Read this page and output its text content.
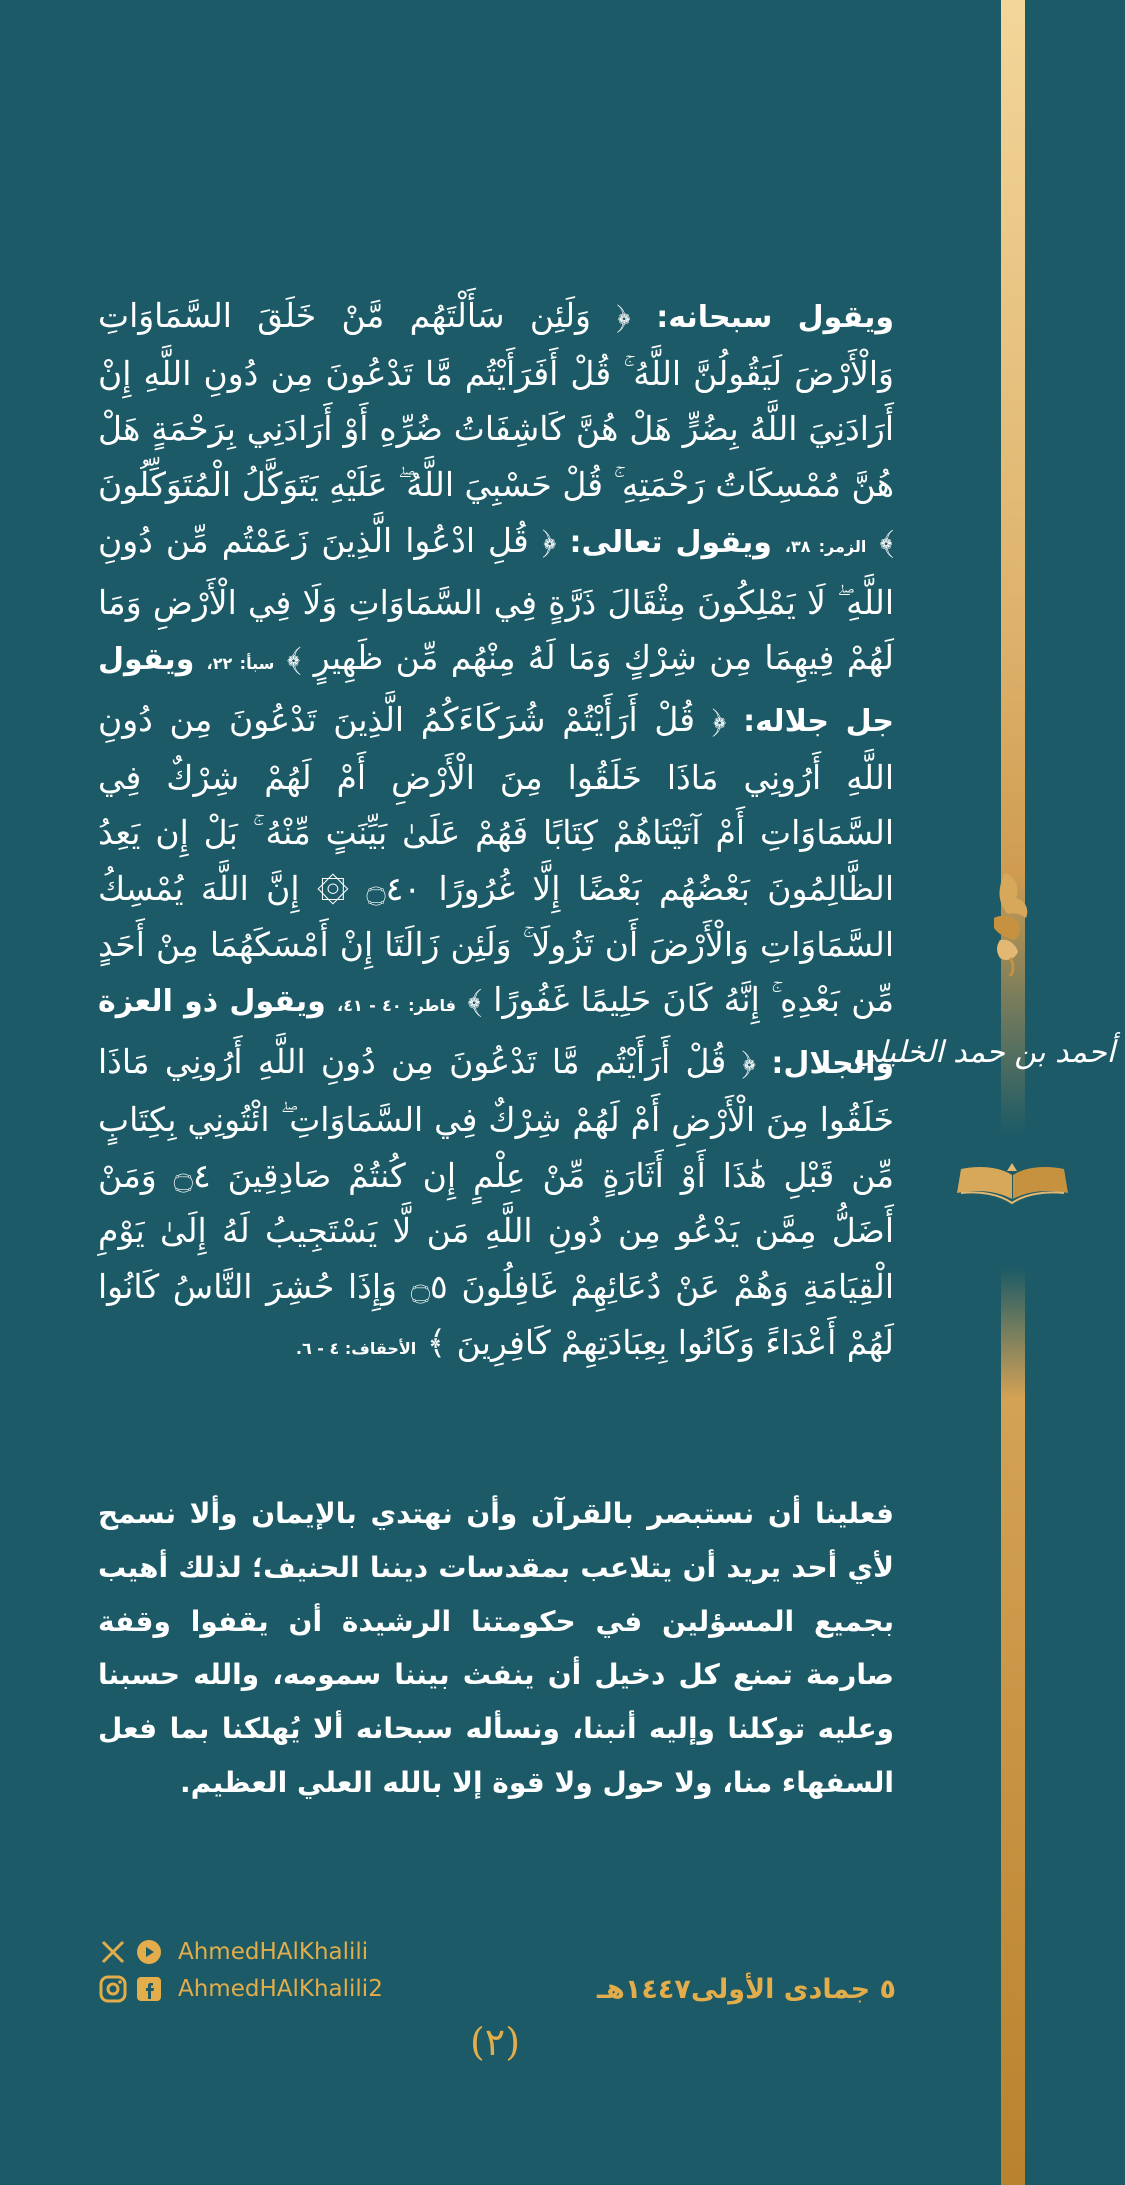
أحمد بن حمد الخليلي
ويقول سبحانه: ﴿ وَلَئِن سَأَلْتَهُم مَّنْ خَلَقَ السَّمَاوَاتِ وَالْأَرْضَ لَيَقُولُنَّ اللَّهُ ۚ قُلْ أَفَرَأَيْتُم مَّا تَدْعُونَ مِن دُونِ اللَّهِ إِنْ أَرَادَنِيَ اللَّهُ بِضُرٍّ هَلْ هُنَّ كَاشِفَاتُ ضُرِّهِ أَوْ أَرَادَنِي بِرَحْمَةٍ هَلْ هُنَّ مُمْسِكَاتُ رَحْمَتِهِ ۚ قُلْ حَسْبِيَ اللَّهُ ۖ عَلَيْهِ يَتَوَكَّلُ الْمُتَوَكِّلُونَ ﴾ الزمر: ٣٨، ويقول تعالى: ﴿ قُلِ ادْعُوا الَّذِينَ زَعَمْتُم مِّن دُونِ اللَّهِ ۖ لَا يَمْلِكُونَ مِثْقَالَ ذَرَّةٍ فِي السَّمَاوَاتِ وَلَا فِي الْأَرْضِ وَمَا لَهُمْ فِيهِمَا مِن شِرْكٍ وَمَا لَهُ مِنْهُم مِّن ظَهِيرٍ ﴾ سبأ: ٢٢، ويقول جل جلاله: ﴿ قُلْ أَرَأَيْتُمْ شُرَكَاءَكُمُ الَّذِينَ تَدْعُونَ مِن دُونِ اللَّهِ أَرُونِي مَاذَا خَلَقُوا مِنَ الْأَرْضِ أَمْ لَهُمْ شِرْكٌ فِي السَّمَاوَاتِ أَمْ آتَيْنَاهُمْ كِتَابًا فَهُمْ عَلَىٰ بَيِّنَتٍ مِّنْهُ ۚ بَلْ إِن يَعِدُ الظَّالِمُونَ بَعْضُهُم بَعْضًا إِلَّا غُرُورًا ۝٤٠ ۞ إِنَّ اللَّهَ يُمْسِكُ السَّمَاوَاتِ وَالْأَرْضَ أَن تَزُولَا ۚ وَلَئِن زَالَتَا إِنْ أَمْسَكَهُمَا مِنْ أَحَدٍ مِّن بَعْدِهِ ۚ إِنَّهُ كَانَ حَلِيمًا غَفُورًا ﴾ فاطر: ٤٠ - ٤١، ويقول ذو العزة والجلال: ﴿ قُلْ أَرَأَيْتُم مَّا تَدْعُونَ مِن دُونِ اللَّهِ أَرُونِي مَاذَا خَلَقُوا مِنَ الْأَرْضِ أَمْ لَهُمْ شِرْكٌ فِي السَّمَاوَاتِ ۖ ائْتُونِي بِكِتَابٍ مِّن قَبْلِ هَٰذَا أَوْ أَثَارَةٍ مِّنْ عِلْمٍ إِن كُنتُمْ صَادِقِينَ ۝٤ وَمَنْ أَضَلُّ مِمَّن يَدْعُو مِن دُونِ اللَّهِ مَن لَّا يَسْتَجِيبُ لَهُ إِلَىٰ يَوْمِ الْقِيَامَةِ وَهُمْ عَنْ دُعَائِهِمْ غَافِلُونَ ۝٥ وَإِذَا حُشِرَ النَّاسُ كَانُوا لَهُمْ أَعْدَاءً وَكَانُوا بِعِبَادَتِهِمْ كَافِرِينَ ﴾ الأحقاف: ٤ - ٦.
فعلينا أن نستبصر بالقرآن وأن نهتدي بالإيمان وألا نسمح لأي أحد يريد أن يتلاعب بمقدسات ديننا الحنيف؛ لذلك أهيب بجميع المسؤلين في حكومتنا الرشيدة أن يقفوا وقفة صارمة تمنع كل دخيل أن ينفث بيننا سمومه، والله حسبنا وعليه توكلنا وإليه أنبنا، ونسأله سبحانه ألا يُهلكنا بما فعل السفهاء منا، ولا حول ولا قوة إلا بالله العلي العظيم.
AhmedHAlKhalili
AhmedHAlKhalili2	٥ جمادى الأولى١٤٤٧هـ
(٢)
